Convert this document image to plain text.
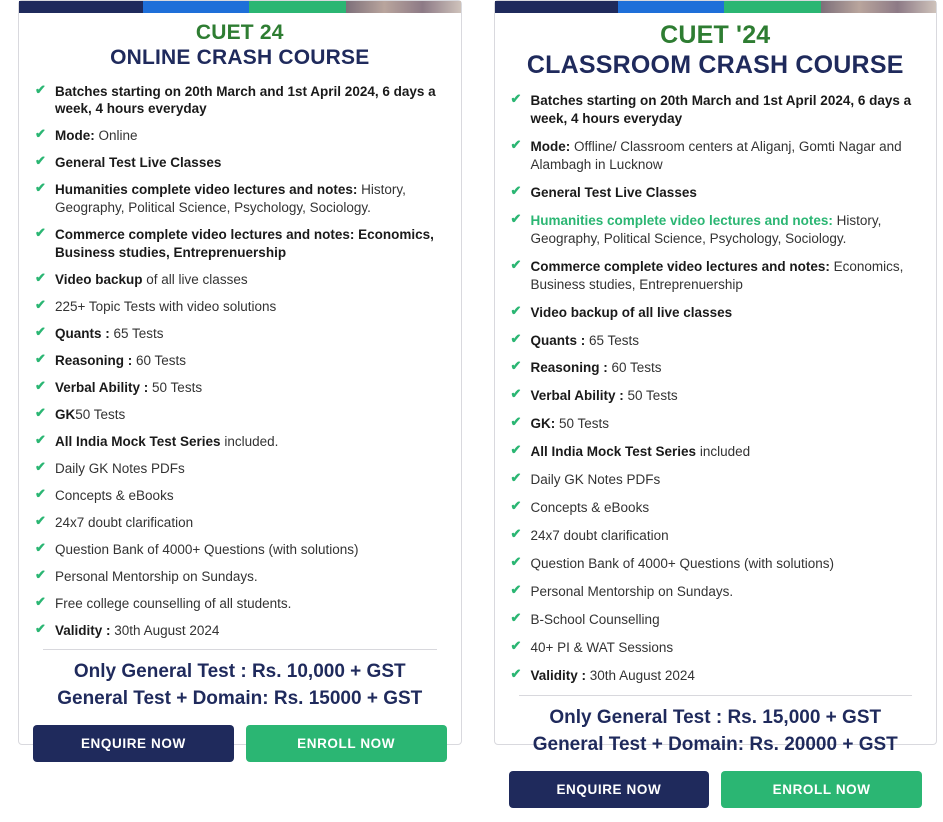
CUET 24
ONLINE CRASH COURSE
✔ Batches starting on 20th March and 1st April 2024, 6 days a week, 4 hours everyday
✔ Mode: Online
✔ General Test Live Classes
✔ Humanities complete video lectures and notes: History, Geography, Political Science, Psychology, Sociology.
✔ Commerce complete video lectures and notes: Economics, Business studies, Entreprenuership
✔ Video backup of all live classes
✔ 225+ Topic Tests with video solutions
✔ Quants : 65 Tests
✔ Reasoning : 60 Tests
✔ Verbal Ability : 50 Tests
✔ GK50 Tests
✔ All India Mock Test Series included.
✔ Daily GK Notes PDFs
✔ Concepts & eBooks
✔ 24x7 doubt clarification
✔ Question Bank of 4000+ Questions (with solutions)
✔ Personal Mentorship on Sundays.
✔ Free college counselling of all students.
✔ Validity : 30th August 2024
Only General Test : Rs. 10,000 + GST
General Test + Domain: Rs. 15000 + GST
ENQUIRE NOW	ENROLL NOW
CUET '24
CLASSROOM CRASH COURSE
✔ Batches starting on 20th March and 1st April 2024, 6 days a week, 4 hours everyday
✔ Mode: Offline/ Classroom centers at Aliganj, Gomti Nagar and Alambagh in Lucknow
✔ General Test Live Classes
✔ Humanities complete video lectures and notes: History, Geography, Political Science, Psychology, Sociology.
✔ Commerce complete video lectures and notes: Economics, Business studies, Entreprenuership
✔ Video backup of all live classes
✔ Quants : 65 Tests
✔ Reasoning : 60 Tests
✔ Verbal Ability : 50 Tests
✔ GK: 50 Tests
✔ All India Mock Test Series included
✔ Daily GK Notes PDFs
✔ Concepts & eBooks
✔ 24x7 doubt clarification
✔ Question Bank of 4000+ Questions (with solutions)
✔ Personal Mentorship on Sundays.
✔ B-School Counselling
✔ 40+ PI & WAT Sessions
✔ Validity : 30th August 2024
Only General Test : Rs. 15,000 + GST
General Test + Domain: Rs. 20000 + GST
ENQUIRE NOW	ENROLL NOW
